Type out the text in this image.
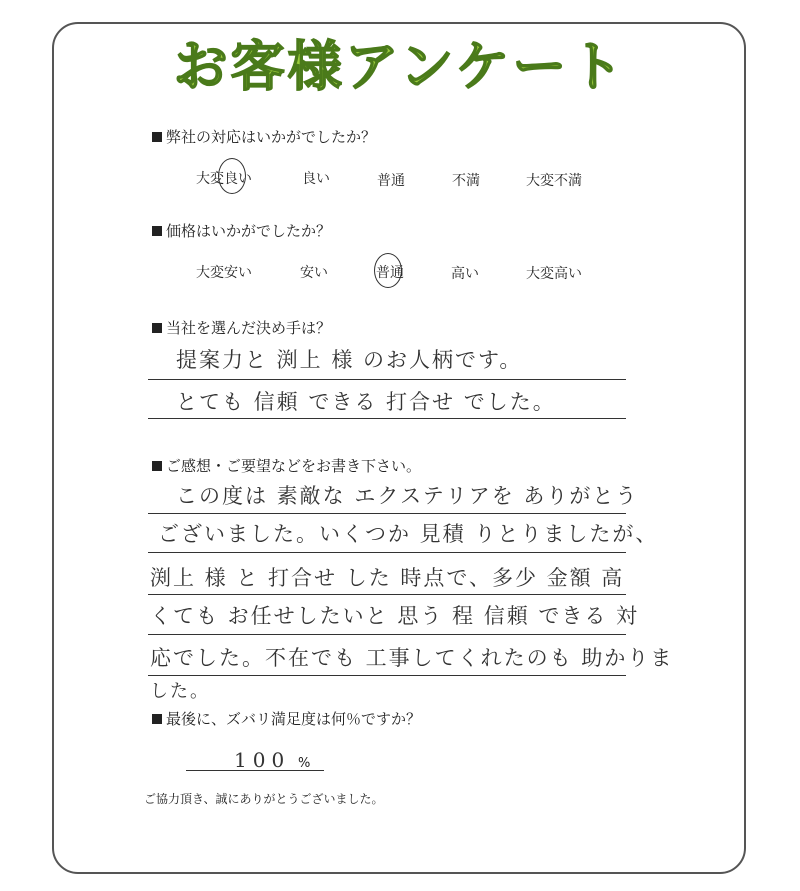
お客様アンケート
弊社の対応はいかがでしたか？
大変良い	良い	普通	不満	大変不満
価格はいかがでしたか？
大変安い	安い	普通	高い	大変高い
当社を選んだ決め手は？
提案力と 渕上 様 のお人柄です。
とても 信頼 できる 打合せ でした。
ご感想・ご要望などをお書き下さい。
この度は 素敵な エクステリアを ありがとう
ございました。いくつか 見積 りとりましたが、
渕上 様 と 打合せ した 時点で、多少 金額 高
くても お任せしたいと 思う 程 信頼 できる 対
応でした。不在でも 工事してくれたのも 助かりま
した。
最後に、ズバリ満足度は何％ですか？
100 %
ご協力頂き、誠にありがとうございました。
